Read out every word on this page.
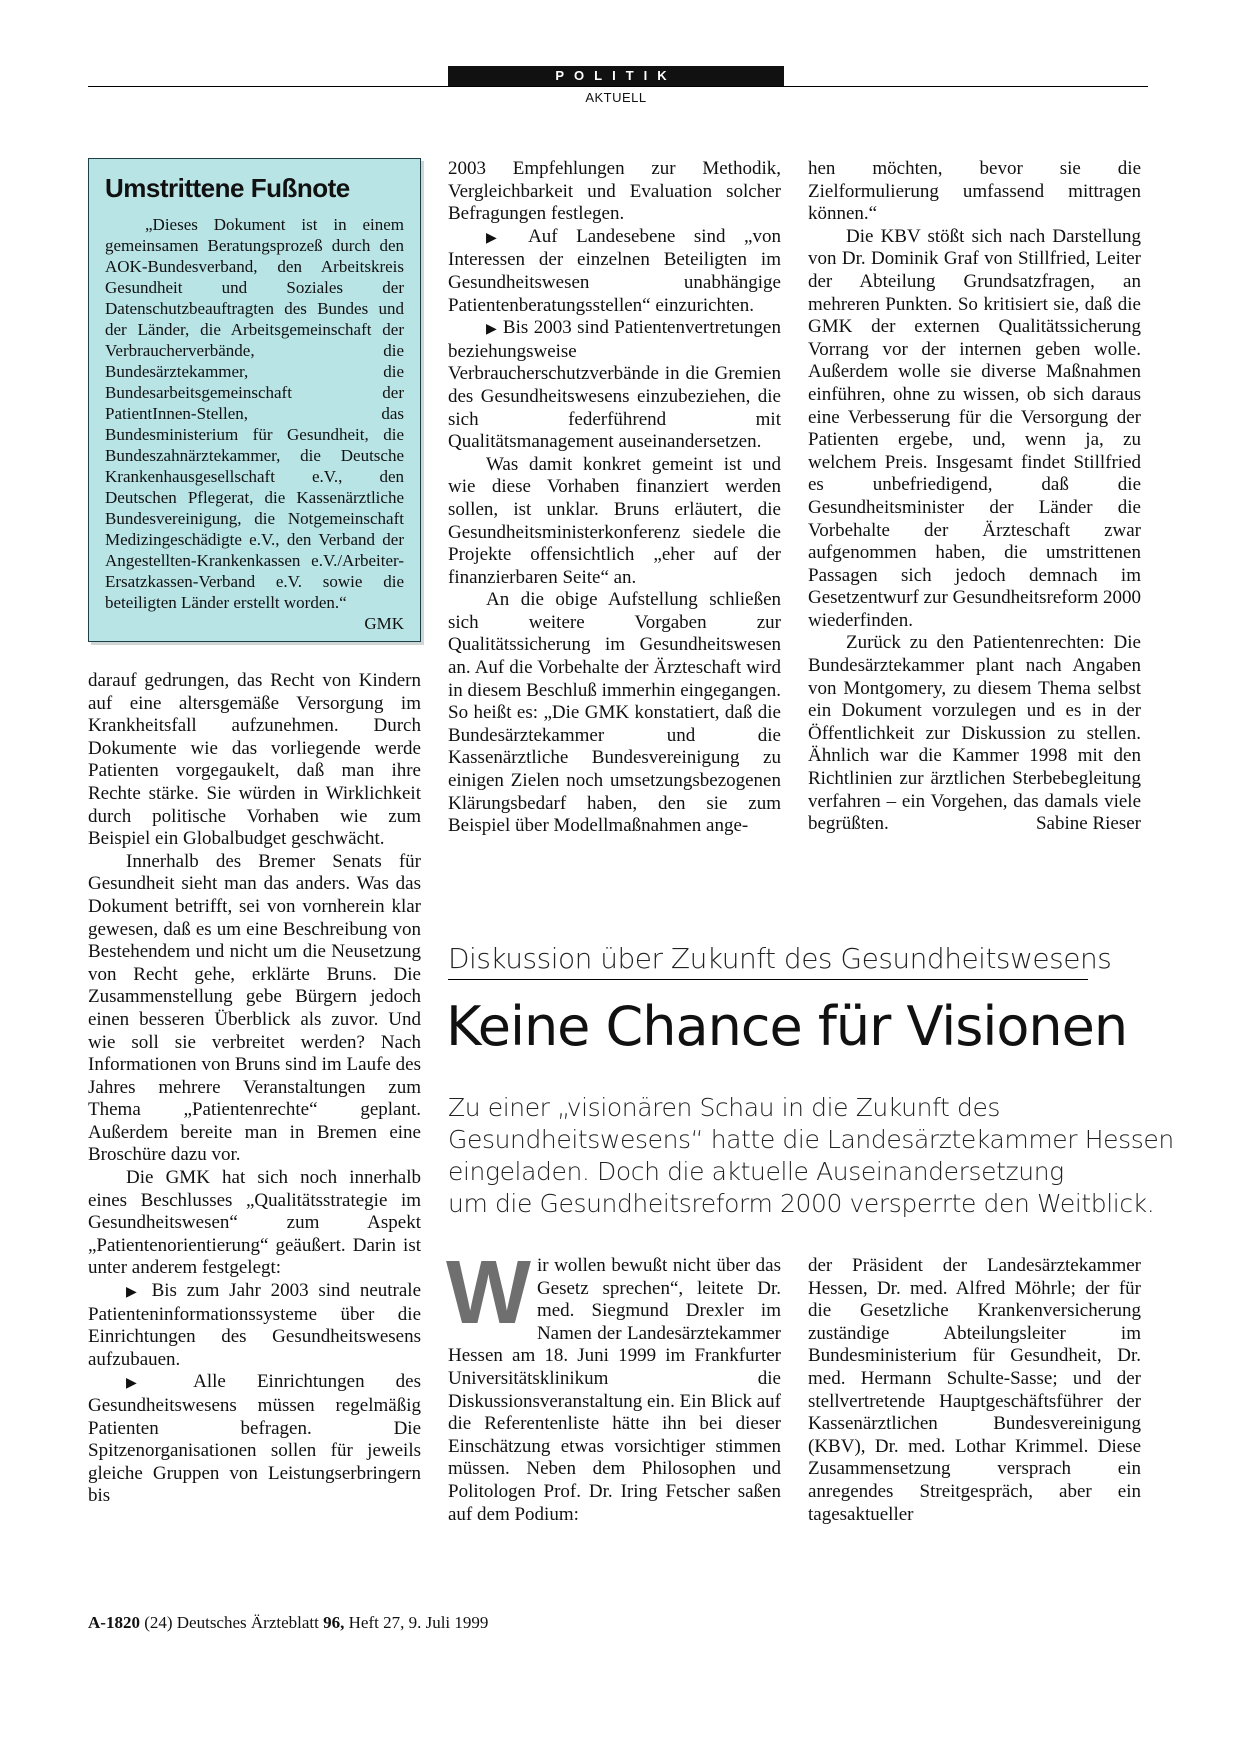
POLITIK
AKTUELL
Umstrittene Fußnote

„Dieses Dokument ist in einem gemeinsamen Beratungsprozeß durch den AOK-Bundesverband, den Arbeitskreis Gesundheit und Soziales der Datenschutzbeauftragten des Bundes und der Länder, die Arbeitsgemeinschaft der Verbraucherverbände, die Bundesärztekammer, die Bundesarbeitsgemeinschaft der PatientInnen-Stellen, das Bundesministerium für Gesundheit, die Bundeszahnärztekammer, die Deutsche Krankenhausgesellschaft e.V., den Deutschen Pflegerat, die Kassenärztliche Bundesvereinigung, die Notgemeinschaft Medizingeschädigte e.V., den Verband der Angestellten-Krankenkassen e.V./Arbeiter-Ersatzkassen-Verband e.V. sowie die beteiligten Länder erstellt worden.“
GMK

darauf gedrungen, das Recht von Kindern auf eine altersgemäße Versorgung im Krankheitsfall aufzunehmen. Durch Dokumente wie das vorliegende werde Patienten vorgegaukelt, daß man ihre Rechte stärke. Sie würden in Wirklichkeit durch politische Vorhaben wie zum Beispiel ein Globalbudget geschwächt.

Innerhalb des Bremer Senats für Gesundheit sieht man das anders. Was das Dokument betrifft, sei von vornherein klar gewesen, daß es um eine Beschreibung von Bestehendem und nicht um die Neusetzung von Recht gehe, erklärte Bruns. Die Zusammenstellung gebe Bürgern jedoch einen besseren Überblick als zuvor. Und wie soll sie verbreitet werden? Nach Informationen von Bruns sind im Laufe des Jahres mehrere Veranstaltungen zum Thema „Patientenrechte“ geplant. Außerdem bereite man in Bremen eine Broschüre dazu vor.

Die GMK hat sich noch innerhalb eines Beschlusses „Qualitätsstrategie im Gesundheitswesen“ zum Aspekt „Patientenorientierung“ geäußert. Darin ist unter anderem festgelegt:

▶ Bis zum Jahr 2003 sind neutrale Patienteninformationssysteme über die Einrichtungen des Gesundheitswesens aufzubauen.

▶ Alle Einrichtungen des Gesundheitswesens müssen regelmäßig Patienten befragen. Die Spitzenorganisationen sollen für jeweils gleiche Gruppen von Leistungserbringern bis

2003 Empfehlungen zur Methodik, Vergleichbarkeit und Evaluation solcher Befragungen festlegen.

▶ Auf Landesebene sind „von Interessen der einzelnen Beteiligten im Gesundheitswesen unabhängige Patientenberatungsstellen“ einzurichten.

▶ Bis 2003 sind Patientenvertretungen beziehungsweise Verbraucherschutzverbände in die Gremien des Gesundheitswesens einzubeziehen, die sich federführend mit Qualitätsmanagement auseinandersetzen.

Was damit konkret gemeint ist und wie diese Vorhaben finanziert werden sollen, ist unklar. Bruns erläutert, die Gesundheitsministerkonferenz siedele die Projekte offensichtlich „eher auf der finanzierbaren Seite“ an.

An die obige Aufstellung schließen sich weitere Vorgaben zur Qualitätssicherung im Gesundheitswesen an. Auf die Vorbehalte der Ärzteschaft wird in diesem Beschluß immerhin eingegangen. So heißt es: „Die GMK konstatiert, daß die Bundesärztekammer und die Kassenärztliche Bundesvereinigung zu einigen Zielen noch umsetzungsbezogenen Klärungsbedarf haben, den sie zum Beispiel über Modellmaßnahmen ange-

hen möchten, bevor sie die Zielformulierung umfassend mittragen können.“

Die KBV stößt sich nach Darstellung von Dr. Dominik Graf von Stillfried, Leiter der Abteilung Grundsatzfragen, an mehreren Punkten. So kritisiert sie, daß die GMK der externen Qualitätssicherung Vorrang vor der internen geben wolle. Außerdem wolle sie diverse Maßnahmen einführen, ohne zu wissen, ob sich daraus eine Verbesserung für die Versorgung der Patienten ergebe, und, wenn ja, zu welchem Preis. Insgesamt findet Stillfried es unbefriedigend, daß die Gesundheitsminister der Länder die Vorbehalte der Ärzteschaft zwar aufgenommen haben, die umstrittenen Passagen sich jedoch demnach im Gesetzentwurf zur Gesundheitsreform 2000 wiederfinden.

Zurück zu den Patientenrechten: Die Bundesärztekammer plant nach Angaben von Montgomery, zu diesem Thema selbst ein Dokument vorzulegen und es in der Öffentlichkeit zur Diskussion zu stellen. Ähnlich war die Kammer 1998 mit den Richtlinien zur ärztlichen Sterbebegleitung verfahren – ein Vorgehen, das damals viele begrüßten.	Sabine Rieser

Diskussion über Zukunft des Gesundheitswesens
Keine Chance für Visionen
Zu einer „visionären Schau in die Zukunft des
Gesundheitswesens“ hatte die Landesärztekammer Hessen
eingeladen. Doch die aktuelle Auseinandersetzung
um die Gesundheitsreform 2000 versperrte den Weitblick.

Wir wollen bewußt nicht über das Gesetz sprechen“, leitete Dr. med. Siegmund Drexler im Namen der Landesärztekammer Hessen am 18. Juni 1999 im Frankfurter Universitätsklinikum die Diskussionsveranstaltung ein. Ein Blick auf die Referentenliste hätte ihn bei dieser Einschätzung etwas vorsichtiger stimmen müssen. Neben dem Philosophen und Politologen Prof. Dr. Iring Fetscher saßen auf dem Podium:

der Präsident der Landesärztekammer Hessen, Dr. med. Alfred Möhrle; der für die Gesetzliche Krankenversicherung zuständige Abteilungsleiter im Bundesministerium für Gesundheit, Dr. med. Hermann Schulte-Sasse; und der stellvertretende Hauptgeschäftsführer der Kassenärztlichen Bundesvereinigung (KBV), Dr. med. Lothar Krimmel. Diese Zusammensetzung versprach ein anregendes Streitgespräch, aber ein tagesaktueller

A-1820 (24) Deutsches Ärzteblatt 96, Heft 27, 9. Juli 1999
